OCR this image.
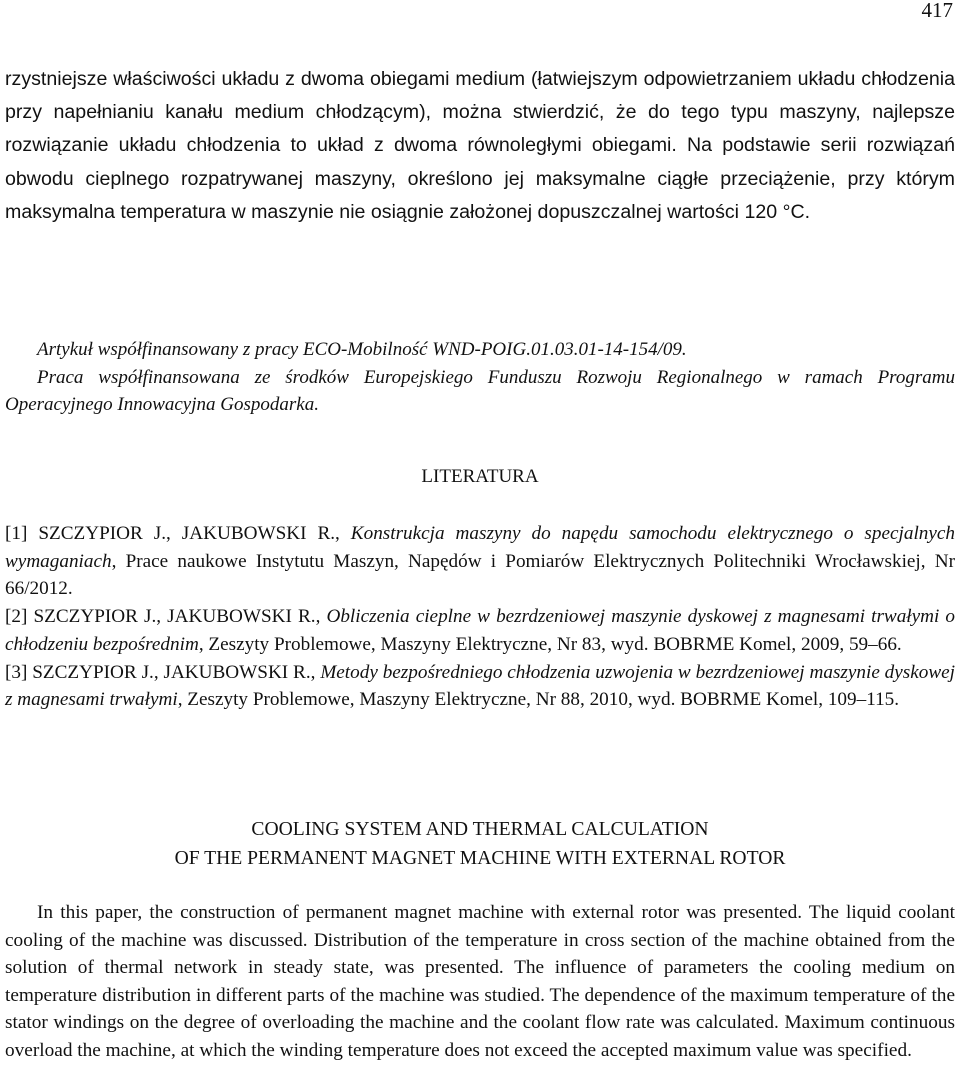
417

rzystniejsze właściwości układu z dwoma obiegami medium (łatwiejszym odpowietrzaniem układu chłodzenia przy napełnianiu kanału medium chłodzącym), można stwierdzić, że do tego typu maszyny, najlepsze rozwiązanie układu chłodzenia to układ z dwoma równoległymi obiegami. Na podstawie serii rozwiązań obwodu cieplnego rozpatrywanej maszyny, określono jej maksymalne ciągłe przeciążenie, przy którym maksymalna temperatura w maszynie nie osiągnie założonej dopuszczalnej wartości 120 °C.

Artykuł współfinansowany z pracy ECO-Mobilność WND-POIG.01.03.01-14-154/09.

Praca współfinansowana ze środków Europejskiego Funduszu Rozwoju Regionalnego w ramach Programu Operacyjnego Innowacyjna Gospodarka.

LITERATURA

[1] SZCZYPIOR J., JAKUBOWSKI R., Konstrukcja maszyny do napędu samochodu elektrycznego o specjalnych wymaganiach, Prace naukowe Instytutu Maszyn, Napędów i Pomiarów Elektrycznych Politechniki Wrocławskiej, Nr 66/2012.

[2] SZCZYPIOR J., JAKUBOWSKI R., Obliczenia cieplne w bezrdzeniowej maszynie dyskowej z magnesami trwałymi o chłodzeniu bezpośrednim, Zeszyty Problemowe, Maszyny Elektryczne, Nr 83, wyd. BOBRME Komel, 2009, 59–66.

[3] SZCZYPIOR J., JAKUBOWSKI R., Metody bezpośredniego chłodzenia uzwojenia w bezrdzeniowej maszynie dyskowej z magnesami trwałymi, Zeszyty Problemowe, Maszyny Elektryczne, Nr 88, 2010, wyd. BOBRME Komel, 109–115.

COOLING SYSTEM AND THERMAL CALCULATION
OF THE PERMANENT MAGNET MACHINE WITH EXTERNAL ROTOR

In this paper, the construction of permanent magnet machine with external rotor was presented. The liquid coolant cooling of the machine was discussed. Distribution of the temperature in cross section of the machine obtained from the solution of thermal network in steady state, was presented. The influence of parameters the cooling medium on temperature distribution in different parts of the machine was studied. The dependence of the maximum temperature of the stator windings on the degree of overloading the machine and the coolant flow rate was calculated. Maximum continuous overload the machine, at which the winding temperature does not exceed the accepted maximum value was specified.
